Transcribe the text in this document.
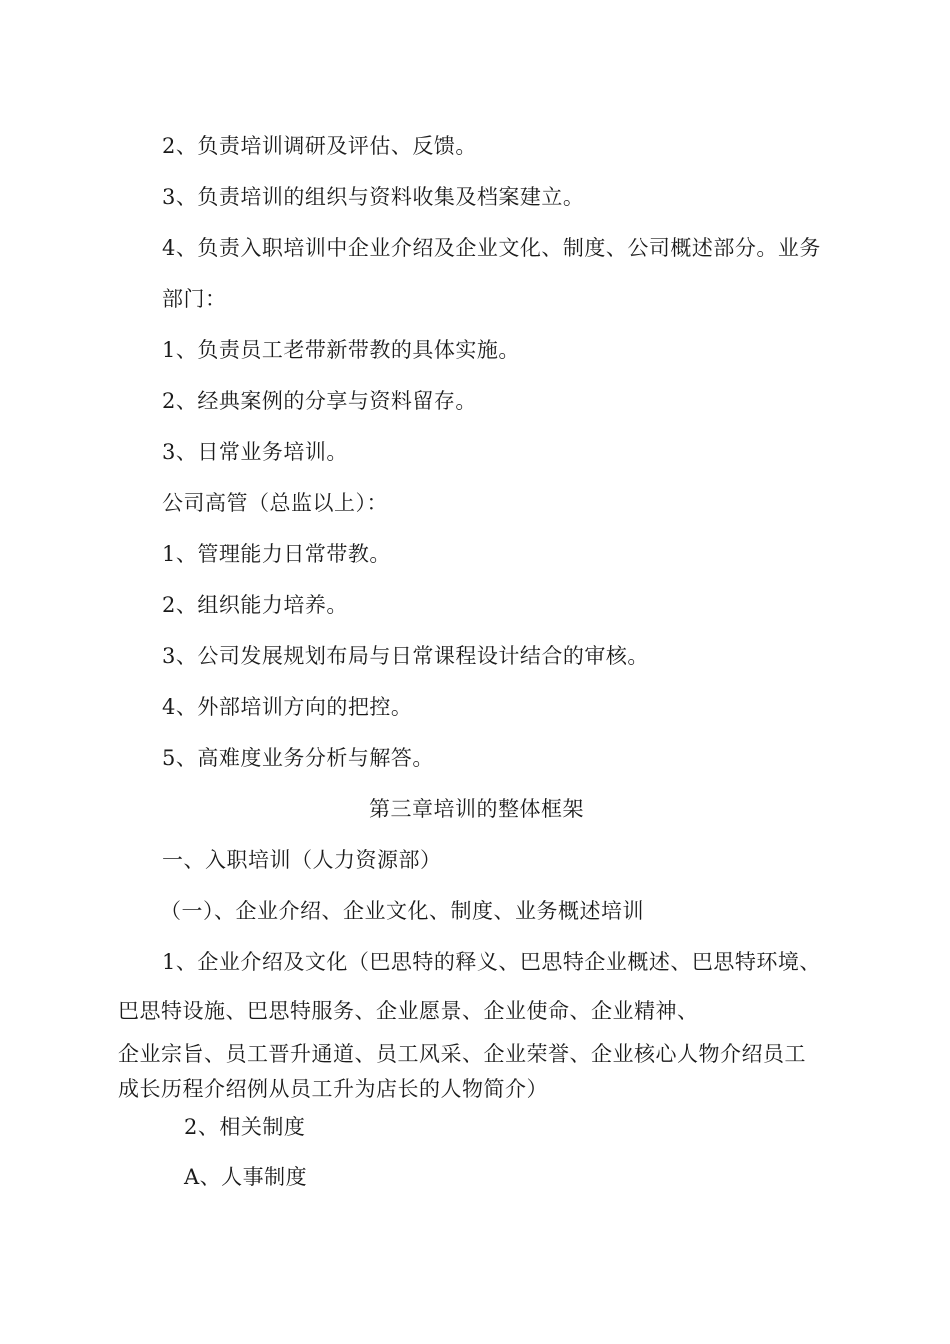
2、负责培训调研及评估、反馈。
3、负责培训的组织与资料收集及档案建立。
4、负责入职培训中企业介绍及企业文化、制度、公司概述部分。业务
部门：
1、负责员工老带新带教的具体实施。
2、经典案例的分享与资料留存。
3、日常业务培训。
公司高管（总监以上）：
1、管理能力日常带教。
2、组织能力培养。
3、公司发展规划布局与日常课程设计结合的审核。
4、外部培训方向的把控。
5、高难度业务分析与解答。
第三章培训的整体框架
一、入职培训（人力资源部）
（一）、企业介绍、企业文化、制度、业务概述培训
1、企业介绍及文化（巴思特的释义、巴思特企业概述、巴思特环境、
巴思特设施、巴思特服务、企业愿景、企业使命、企业精神、
企业宗旨、员工晋升通道、员工风采、企业荣誉、企业核心人物介绍员工
成长历程介绍例从员工升为店长的人物简介）
2、相关制度
A、人事制度
